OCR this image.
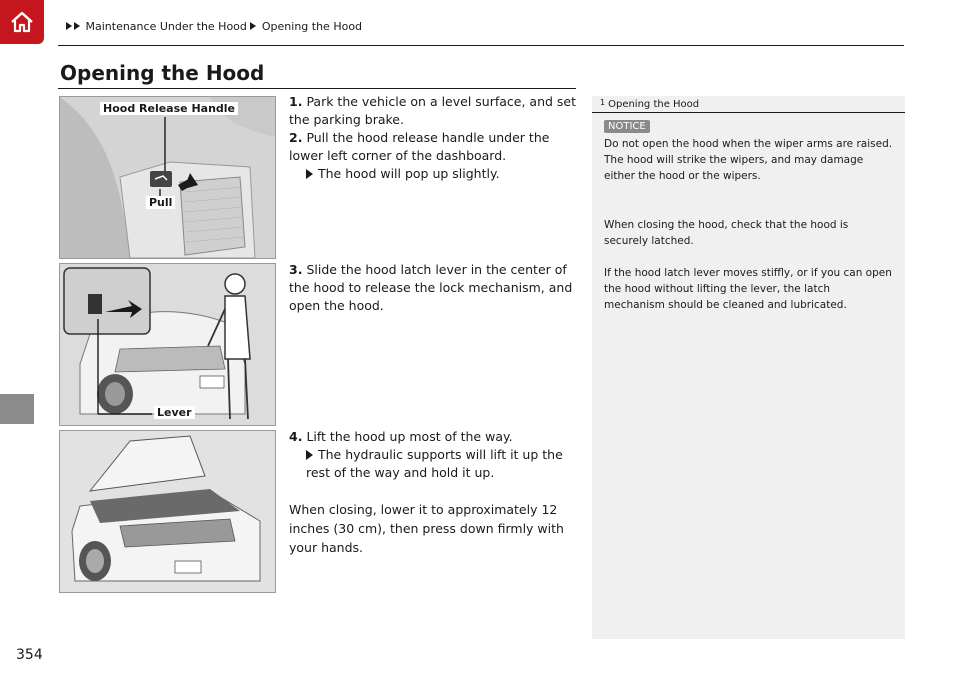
Maintenance Under the Hood Opening the Hood
Opening the Hood
Hood Release Handle
Pull
Lever
1. Park the vehicle on a level surface, and set the parking brake.
2. Pull the hood release handle under the lower left corner of the dashboard.
The hood will pop up slightly.
3. Slide the hood latch lever in the center of the hood to release the lock mechanism, and open the hood.
4. Lift the hood up most of the way.
The hydraulic supports will lift it up the rest of the way and hold it up.
When closing, lower it to approximately 12 inches (30 cm), then press down firmly with your hands.
$^1$ Opening the Hood
NOTICE
Do not open the hood when the wiper arms are raised.
The hood will strike the wipers, and may damage either the hood or the wipers.
When closing the hood, check that the hood is securely latched.
If the hood latch lever moves stiffly, or if you can open the hood without lifting the lever, the latch mechanism should be cleaned and lubricated.
354
